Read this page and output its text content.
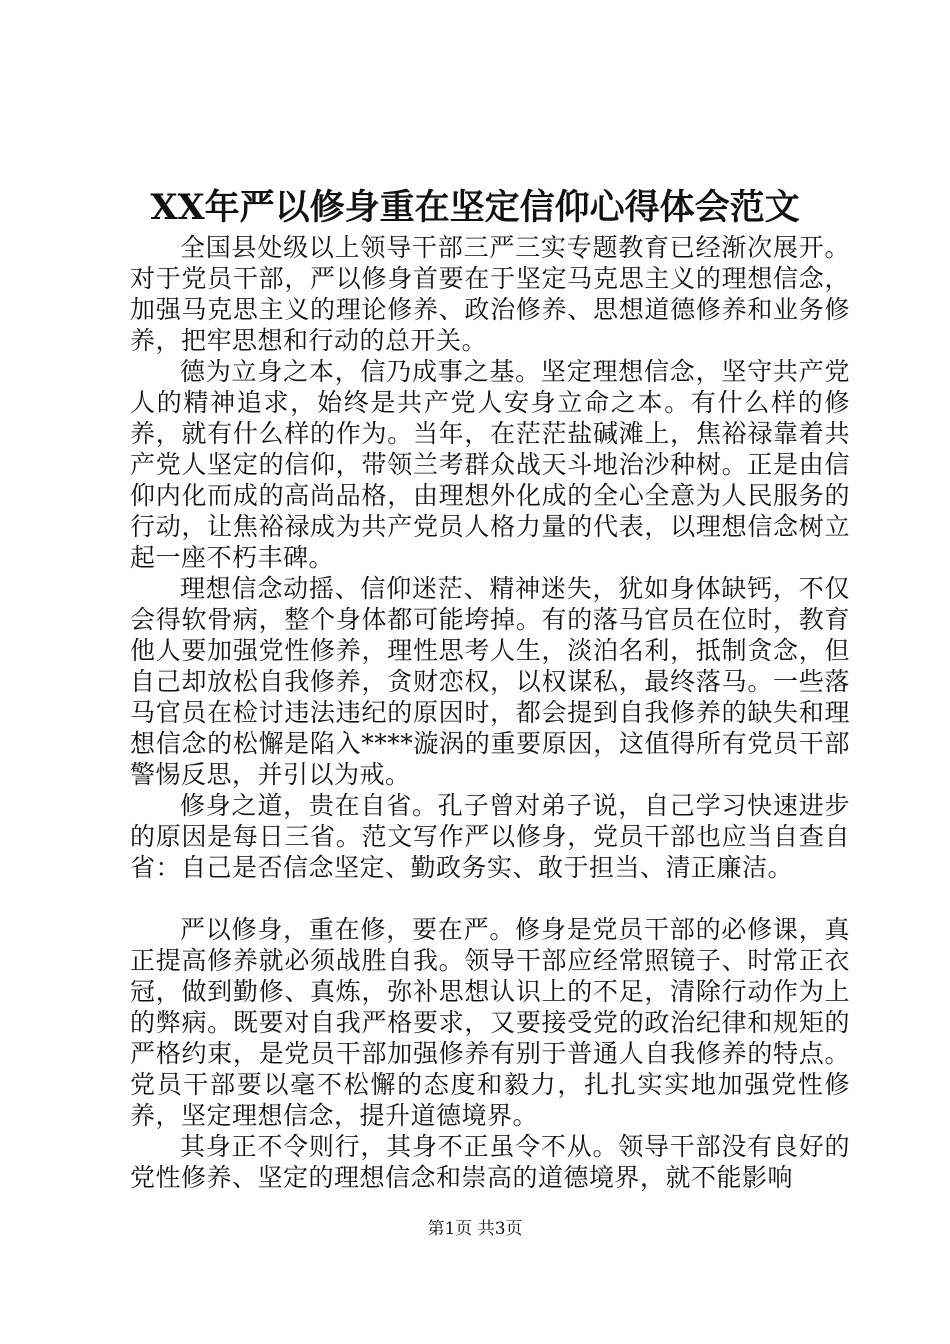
XX年严以修身重在坚定信仰心得体会范文

全国县处级以上领导干部三严三实专题教育已经渐次展开。对于党员干部，严以修身首要在于坚定马克思主义的理想信念，加强马克思主义的理论修养、政治修养、思想道德修养和业务修养，把牢思想和行动的总开关。

德为立身之本，信乃成事之基。坚定理想信念，坚守共产党人的精神追求，始终是共产党人安身立命之本。有什么样的修养，就有什么样的作为。当年，在茫茫盐碱滩上，焦裕禄靠着共产党人坚定的信仰，带领兰考群众战天斗地治沙种树。正是由信仰内化而成的高尚品格，由理想外化成的全心全意为人民服务的行动，让焦裕禄成为共产党员人格力量的代表，以理想信念树立起一座不朽丰碑。

理想信念动摇、信仰迷茫、精神迷失，犹如身体缺钙，不仅会得软骨病，整个身体都可能垮掉。有的落马官员在位时，教育他人要加强党性修养，理性思考人生，淡泊名利，抵制贪念，但自己却放松自我修养，贪财恋权，以权谋私，最终落马。一些落马官员在检讨违法违纪的原因时，都会提到自我修养的缺失和理想信念的松懈是陷入****漩涡的重要原因，这值得所有党员干部警惕反思，并引以为戒。

修身之道，贵在自省。孔子曾对弟子说，自己学习快速进步的原因是每日三省。范文写作严以修身，党员干部也应当自查自省：自己是否信念坚定、勤政务实、敢于担当、清正廉洁。

严以修身，重在修，要在严。修身是党员干部的必修课，真正提高修养就必须战胜自我。领导干部应经常照镜子、时常正衣冠，做到勤修、真炼，弥补思想认识上的不足，清除行动作为上的弊病。既要对自我严格要求，又要接受党的政治纪律和规矩的严格约束，是党员干部加强修养有别于普通人自我修养的特点。党员干部要以毫不松懈的态度和毅力，扎扎实实地加强党性修养，坚定理想信念，提升道德境界。

其身正不令则行，其身不正虽令不从。领导干部没有良好的党性修养、坚定的理想信念和崇高的道德境界，就不能影响

第1页 共3页
